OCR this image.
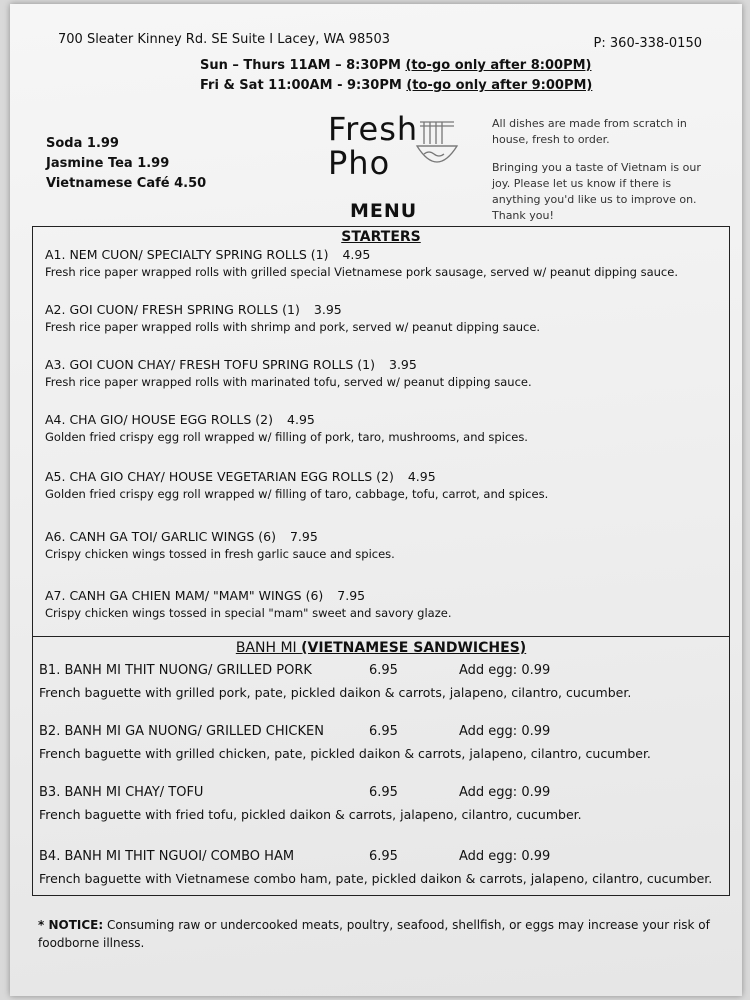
700 Sleater Kinney Rd. SE Suite I Lacey, WA 98503	P: 360-338-0150
Sun – Thurs 11AM – 8:30PM (to-go only after 8:00PM)
Fri & Sat 11:00AM - 9:30PM (to-go only after 9:00PM)
Soda 1.99
Jasmine Tea 1.99
Vietnamese Café 4.50
Fresh
Pho
MENU

All dishes are made from scratch in house, fresh to order.

Bringing you a taste of Vietnam is our joy. Please let us know if there is anything you'd like us to improve on. Thank you!

STARTERS
A1. NEM CUON/ SPECIALTY SPRING ROLLS (1) 4.95
Fresh rice paper wrapped rolls with grilled special Vietnamese pork sausage, served w/ peanut dipping sauce.
A2. GOI CUON/ FRESH SPRING ROLLS (1) 3.95
Fresh rice paper wrapped rolls with shrimp and pork, served w/ peanut dipping sauce.
A3. GOI CUON CHAY/ FRESH TOFU SPRING ROLLS (1) 3.95
Fresh rice paper wrapped rolls with marinated tofu, served w/ peanut dipping sauce.
A4. CHA GIO/ HOUSE EGG ROLLS (2) 4.95
Golden fried crispy egg roll wrapped w/ filling of pork, taro, mushrooms, and spices.
A5. CHA GIO CHAY/ HOUSE VEGETARIAN EGG ROLLS (2) 4.95
Golden fried crispy egg roll wrapped w/ filling of taro, cabbage, tofu, carrot, and spices.
A6. CANH GA TOI/ GARLIC WINGS (6) 7.95
Crispy chicken wings tossed in fresh garlic sauce and spices.
A7. CANH GA CHIEN MAM/ "MAM" WINGS (6) 7.95
Crispy chicken wings tossed in special "mam" sweet and savory glaze.
BANH MI (VIETNAMESE SANDWICHES)
B1. BANH MI THIT NUONG/ GRILLED PORK	6.95	Add egg: 0.99
French baguette with grilled pork, pate, pickled daikon & carrots, jalapeno, cilantro, cucumber.
B2. BANH MI GA NUONG/ GRILLED CHICKEN	6.95	Add egg: 0.99
French baguette with grilled chicken, pate, pickled daikon & carrots, jalapeno, cilantro, cucumber.
B3. BANH MI CHAY/ TOFU	6.95	Add egg: 0.99
French baguette with fried tofu, pickled daikon & carrots, jalapeno, cilantro, cucumber.
B4. BANH MI THIT NGUOI/ COMBO HAM	6.95	Add egg: 0.99
French baguette with Vietnamese combo ham, pate, pickled daikon & carrots, jalapeno, cilantro, cucumber.
* NOTICE: Consuming raw or undercooked meats, poultry, seafood, shellfish, or eggs may increase your risk of foodborne illness.
